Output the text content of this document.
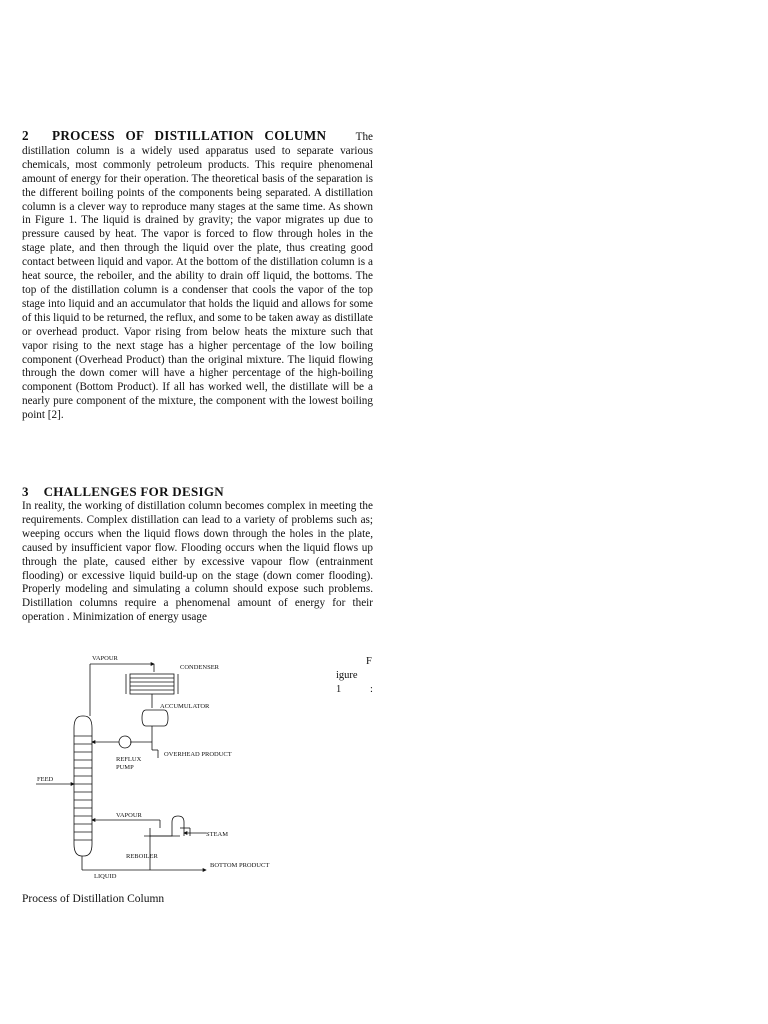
2 PROCESS OF DISTILLATION COLUMN	The distillation column is a widely used apparatus used to separate various chemicals, most commonly petroleum products. This require phenomenal amount of energy for their operation. The theoretical basis of the separation is the different boiling points of the components being separated. A distillation column is a clever way to reproduce many stages at the same time. As shown in Figure 1. The liquid is drained by gravity; the vapor migrates up due to pressure caused by heat. The vapor is forced to flow through holes in the stage plate, and then through the liquid over the plate, thus creating good contact between liquid and vapor. At the bottom of the distillation column is a heat source, the reboiler, and the ability to drain off liquid, the bottoms. The top of the distillation column is a condenser that cools the vapor of the top stage into liquid and an accumulator that holds the liquid and allows for some of this liquid to be returned, the reflux, and some to be taken away as distillate or overhead product. Vapor rising from below heats the mixture such that vapor rising to the next stage has a higher percentage of the low boiling component (Overhead Product) than the original mixture. The liquid flowing through the down comer will have a higher percentage of the high-boiling component (Bottom Product). If all has worked well, the distillate will be a nearly pure component of the mixture, the component with the lowest boiling point [2].

3 CHALLENGES FOR DESIGN

In reality, the working of distillation column becomes complex in meeting the requirements. Complex distillation can lead to a variety of problems such as; weeping occurs when the liquid flows down through the holes in the plate, caused by insufficient vapor flow. Flooding occurs when the liquid flows up through the plate, caused either by excessive vapour flow (entrainment flooding) or excessive liquid build-up on the stage (down comer flooding). Properly modeling and simulating a column should expose such problems. Distillation columns require a phenomenal amount of energy for their operation . Minimization of energy usage

VAPOUR
CONDENSER
ACCUMULATOR
OVERHEAD PRODUCT
REFLUX
PUMP
FEED
VAPOUR
STEAM
REBOILER
BOTTOM PRODUCT
LIQUID
F
igure
1	:
Process of Distillation Column
